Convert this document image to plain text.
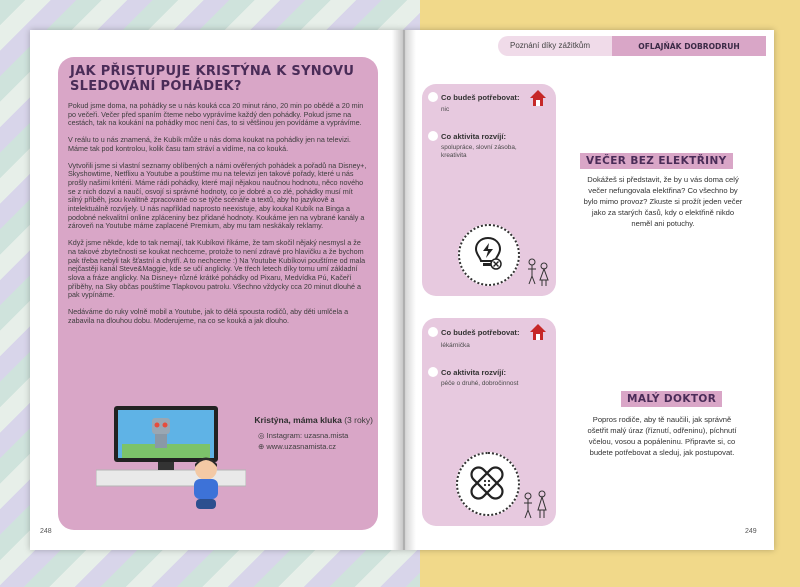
JAK PŘISTUPUJE KRISTÝNA K SYNOVU SLEDOVÁNÍ POHÁDEK?

Pokud jsme doma, na pohádky se u nás kouká cca 20 minut ráno, 20 min po obědě a 20 min po večeři. Večer před spaním čteme nebo vyprávíme každý den pohádky. Pokud jsme na cestách, tak na koukání na pohádky moc není čas, to si většinou jen povídáme a vyprávíme.

V reálu to u nás znamená, že Kubík může u nás doma koukat na pohádky jen na televizi. Máme tak pod kontrolou, kolik času tam stráví a vidíme, na co kouká.

Vytvořili jsme si vlastní seznamy oblíbených a námi ověřených pohádek a pořadů na Disney+, Skyshowtime, Netflixu a Youtube a pouštíme mu na televizi jen takové pořady, které u nás prošly našimi kritérii. Máme rádi pohádky, které mají nějakou naučnou hodnotu, něco nového se z nich dozví a naučí, osvojí si správné hodnoty, co je dobré a co zlé, pohádky musí mít silný příběh, jsou kvalitně zpracované co se týče scénáře a textů, aby ho jazykově a intelektuálně rozvíjely. U nás například naprosto neexistuje, aby koukal Kubík na Binga a podobné nekvalitní online zpláceniny bez přidané hodnoty. Koukáme jen na vybrané kanály a zároveň na Youtube máme zaplacené Premium, aby mu tam neskákaly reklamy.

Když jsme někde, kde to tak nemají, tak Kubíkovi říkáme, že tam skočil nějaký nesmysl a že na takové zbytečnosti se koukat nechceme, protože to není zdravé pro hlavičku a že bychom pak třeba nebyli tak šťastní a chytří. A to nechceme :) Na Youtube Kubíkovi pouštíme od mala nejčastěji kanál Steve&Maggie, kde se učí anglicky. Ve třech letech díky tomu umí základní slova a fráze anglicky. Na Disney+ různé krátké pohádky od Pixaru, Medvídka Pú, Kačeří příběhy, na Sky občas pouštíme Tlapkovou patrolu. Všechno vždycky cca 20 minut dlouhé a pak vypínáme.

Nedáváme do ruky volně mobil a Youtube, jak to dělá spousta rodičů, aby děti umlčela a zabavila na dlouhou dobu. Moderujeme, na co se kouká a jak dlouho.

Kristýna, máma kluka (3 roky)
◎ Instagram: uzasna.mista
⊕ www.uzasnamista.cz
248
Poznání díky zážitkům	OFLAJŇÁK DOBRODRUH
Co budeš potřebovat:
nic
Co aktivita rozvíjí:
spolupráce, slovní zásoba, kreativita	VEČER BEZ ELEKTŘINY
Dokážeš si představit, že by u vás doma celý večer nefungovala elektřina? Co všechno by bylo mimo provoz? Zkuste si prožít jeden večer jako za starých časů, kdy o elektřině nikdo neměl ani potuchy.
Co budeš potřebovat:
lékárnička
Co aktivita rozvíjí:
péče o druhé, dobročinnost
MALÝ DOKTOR
Popros rodiče, aby tě naučili, jak správně ošetřit malý úraz (říznutí, odřeninu), píchnutí včelou, vosou a popáleninu. Připravte si, co budete potřebovat a sleduj, jak postupovat.
249
